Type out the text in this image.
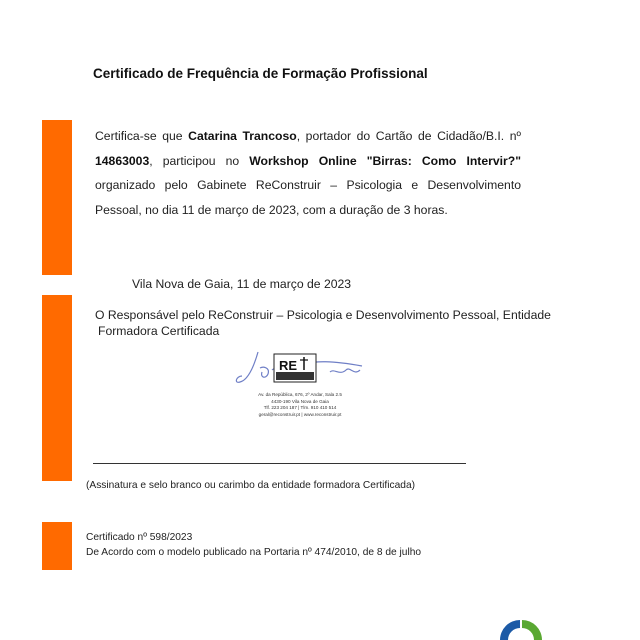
Certificado de Frequência de Formação Profissional
Certifica-se que Catarina Trancoso, portador do Cartão de Cidadão/B.I. nº 14863003, participou no Workshop Online "Birras: Como Intervir?" organizado pelo Gabinete ReConstruir – Psicologia e Desenvolvimento Pessoal, no dia 11 de março de 2023, com a duração de 3 horas.
Vila Nova de Gaia, 11 de março de 2023
O Responsável pelo ReConstruir – Psicologia e Desenvolvimento Pessoal, Entidade
Formadora Certificada
RE
Av. da República, 676, 2º Andar, Sala 2.5
4430-190 Vila Nova de Gaia
Tlf. 223 204 187 | Tlm. 910 410 514
geral@reconstruir.pt | www.reconstruir.pt
(Assinatura e selo branco ou carimbo da entidade formadora Certificada)
Certificado nº 598/2023
De Acordo com o modelo publicado na Portaria nº 474/2010, de 8 de julho
